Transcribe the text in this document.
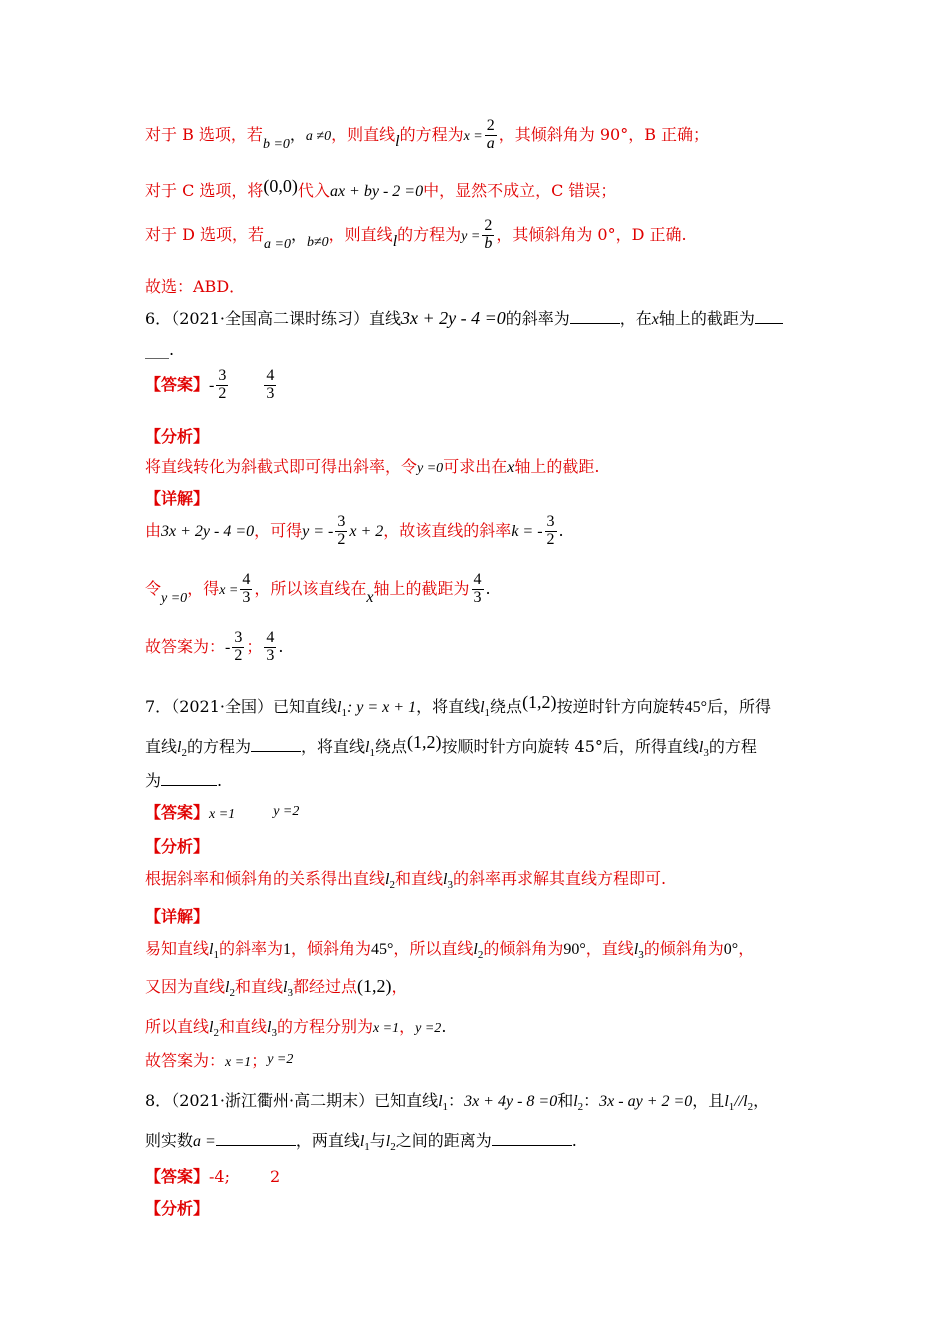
对于 B 选项，若b =0，a ≠0，则直线l的方程为$x = \frac{2}{a}$ ，其倾斜角为 90°，B 正确；
对于 C 选项，将(0,0)代入ax + by - 2 =0中，显然不成立，C 错误；
对于 D 选项，若a =0，b≠0，则直线l的方程为$y = \frac{2}{b}$ ，其倾斜角为 0°，D 正确.
故选：ABD．
6．（2021·全国高二课时练习）直线3x + 2y - 4 =0的斜率为	，在x轴上的截距为
___.
【答案】- $\frac{3}{2} \frac{4}{3}$
【分析】
将直线转化为斜截式即可得出斜率，令y =0可求出在x轴上的截距.
【详解】
由3x + 2y - 4 =0，可得y = - $\frac{3}{2}$ x + 2，故该直线的斜率k = - $\frac{3}{2}$ .
令y =0，得$x = \frac{4}{3}$ ，所以该直线在x轴上的截距为 $\frac{4}{3}$ .
故答案为：- $\frac{3}{2}$ ； $\frac{4}{3}$ .
7．（2021·全国）已知直线$l_1$: y = x + 1，将直线$l_1$绕点(1,2)按逆时针方向旋转45°后，所得
直线$l_2$的方程为	，将直线$l_1$绕点(1,2)按顺时针方向旋转 45°后，所得直线$l_3$的方程
为	.
【答案】x =1	y =2
【分析】
根据斜率和倾斜角的关系得出直线$l_2$和直线$l_3$的斜率再求解其直线方程即可.
【详解】
易知直线$l_1$的斜率为1，倾斜角为45°，所以直线$l_2$的倾斜角为90°，直线$l_3$的倾斜角为0°，
又因为直线$l_2$和直线$l_3$都经过点(1,2)，
所以直线$l_2$和直线$l_3$的方程分别为x =1，y =2.
故答案为：x =1；y =2
8．（2021·浙江衢州·高二期末）已知直线$l_1$：3x + 4y - 8 =0和$l_2$：3x - ay + 2 =0，且$l_1//l_2$，
则实数a =	，两直线$l_1$与$l_2$之间的距离为	.
【答案】-4;	2
【分析】
